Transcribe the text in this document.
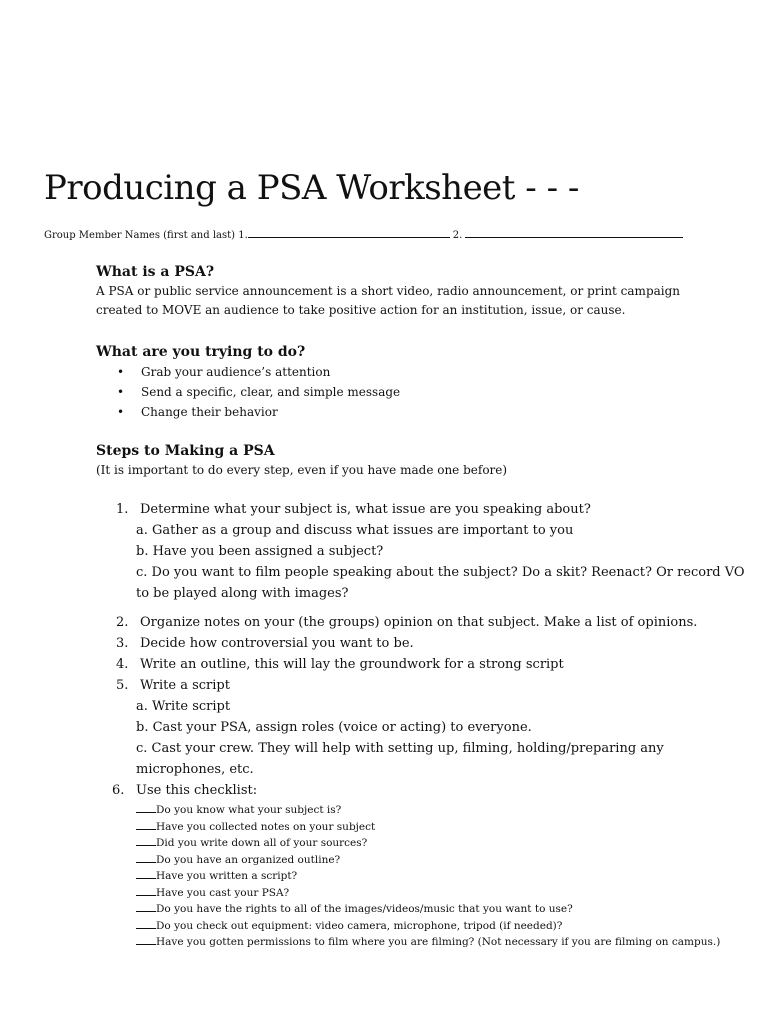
Producing a PSA Worksheet - - -
Group Member Names (first and last) 1.	2.
What is a PSA?

A PSA or public service announcement is a short video, radio announcement, or print campaign

created to MOVE an audience to take positive action for an institution, issue, or cause.

What are you trying to do?
• Grab your audience’s attention
• Send a specific, clear, and simple message
• Change their behavior
Steps to Making a PSA

(It is important to do every step, even if you have made one before)

1. Determine what your subject is, what issue are you speaking about?
a. Gather as a group and discuss what issues are important to you
b. Have you been assigned a subject?
c. Do you want to film people speaking about the subject? Do a skit? Reenact? Or record VO
to be played along with images?
2. Organize notes on your (the groups) opinion on that subject. Make a list of opinions.
3. Decide how controversial you want to be.
4. Write an outline, this will lay the groundwork for a strong script
5. Write a script
a. Write script
b. Cast your PSA, assign roles (voice or acting) to everyone.
c. Cast your crew. They will help with setting up, filming, holding/preparing any
microphones, etc.
6. Use this checklist:
Do you know what your subject is?
Have you collected notes on your subject
Did you write down all of your sources?
Do you have an organized outline?
Have you written a script?
Have you cast your PSA?
Do you have the rights to all of the images/videos/music that you want to use?
Do you check out equipment: video camera, microphone, tripod (if needed)?
Have you gotten permissions to film where you are filming? (Not necessary if you are filming on campus.)
